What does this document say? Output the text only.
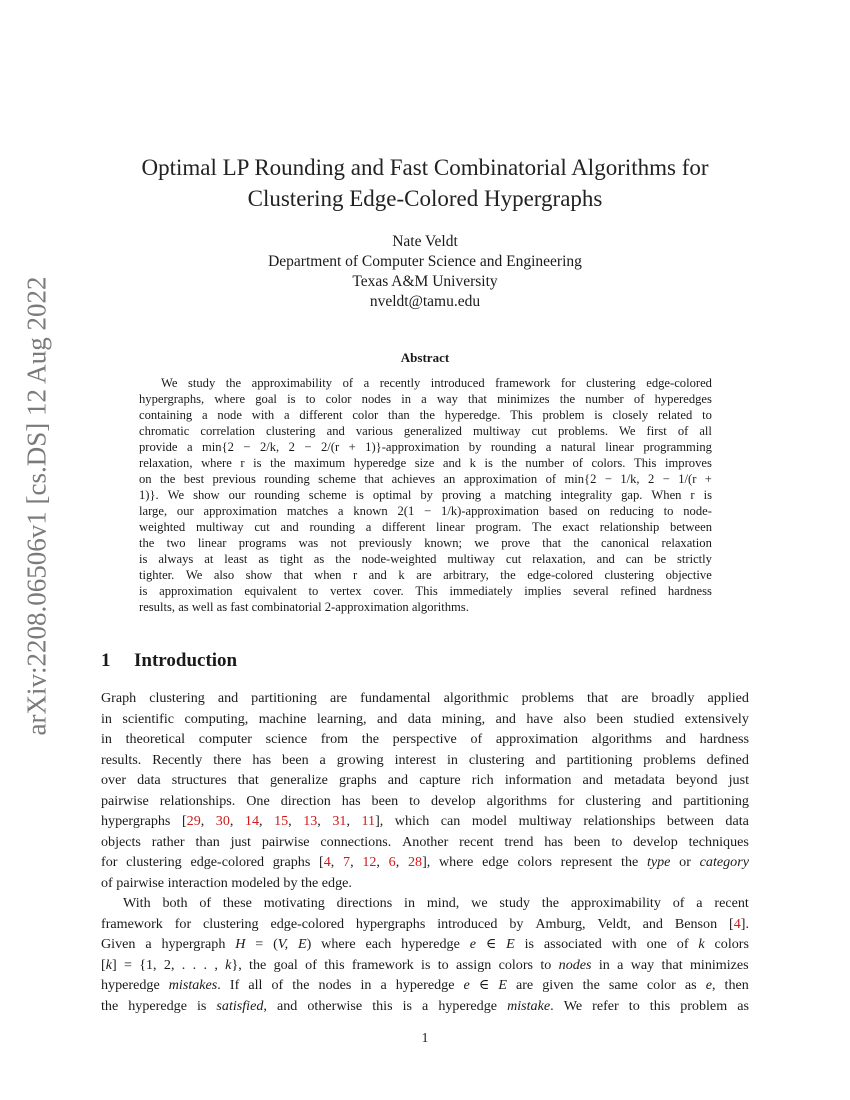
arXiv:2208.06506v1 [cs.DS] 12 Aug 2022
Optimal LP Rounding and Fast Combinatorial Algorithms for
Clustering Edge-Colored Hypergraphs
Nate Veldt
Department of Computer Science and Engineering
Texas A&M University
nveldt@tamu.edu
Abstract
We study the approximability of a recently introduced framework for clustering edge-colored
hypergraphs, where goal is to color nodes in a way that minimizes the number of hyperedges
containing a node with a different color than the hyperedge. This problem is closely related to
chromatic correlation clustering and various generalized multiway cut problems. We first of all
provide a min{2 − 2/k, 2 − 2/(r + 1)}-approximation by rounding a natural linear programming
relaxation, where r is the maximum hyperedge size and k is the number of colors. This improves
on the best previous rounding scheme that achieves an approximation of min{2 − 1/k, 2 − 1/(r +
1)}. We show our rounding scheme is optimal by proving a matching integrality gap. When r is
large, our approximation matches a known 2(1 − 1/k)-approximation based on reducing to node-
weighted multiway cut and rounding a different linear program. The exact relationship between
the two linear programs was not previously known; we prove that the canonical relaxation
is always at least as tight as the node-weighted multiway cut relaxation, and can be strictly
tighter. We also show that when r and k are arbitrary, the edge-colored clustering objective
is approximation equivalent to vertex cover. This immediately implies several refined hardness
results, as well as fast combinatorial 2-approximation algorithms.
1 Introduction
Graph clustering and partitioning are fundamental algorithmic problems that are broadly applied
in scientific computing, machine learning, and data mining, and have also been studied extensively
in theoretical computer science from the perspective of approximation algorithms and hardness
results. Recently there has been a growing interest in clustering and partitioning problems defined
over data structures that generalize graphs and capture rich information and metadata beyond just
pairwise relationships. One direction has been to develop algorithms for clustering and partitioning
hypergraphs [29, 30, 14, 15, 13, 31, 11], which can model multiway relationships between data
objects rather than just pairwise connections. Another recent trend has been to develop techniques
for clustering edge-colored graphs [4, 7, 12, 6, 28], where edge colors represent the type or category
of pairwise interaction modeled by the edge.
With both of these motivating directions in mind, we study the approximability of a recent
framework for clustering edge-colored hypergraphs introduced by Amburg, Veldt, and Benson [4].
Given a hypergraph H = (V, E) where each hyperedge e ∈ E is associated with one of k colors
[k] = {1, 2, . . . , k}, the goal of this framework is to assign colors to nodes in a way that minimizes
hyperedge mistakes. If all of the nodes in a hyperedge e ∈ E are given the same color as e, then
the hyperedge is satisfied, and otherwise this is a hyperedge mistake. We refer to this problem as
1
